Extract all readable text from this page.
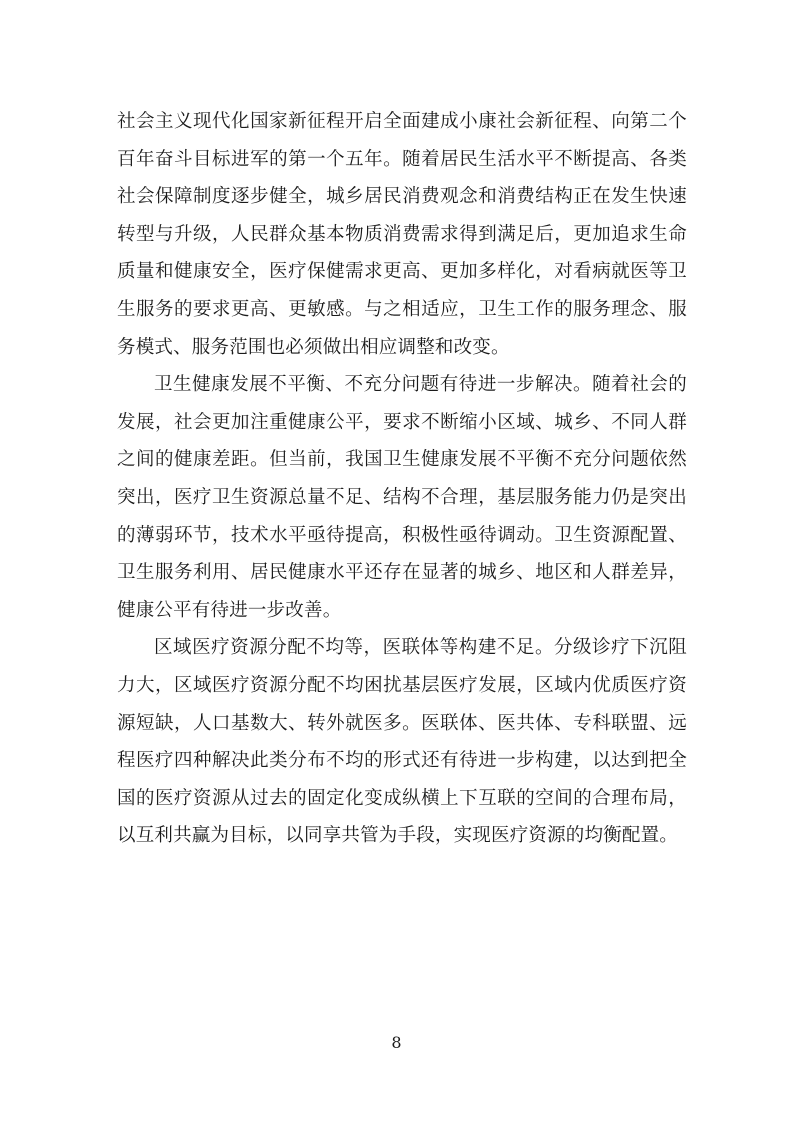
社会主义现代化国家新征程开启全面建成小康社会新征程、向第二个
百年奋斗目标进军的第一个五年。随着居民生活水平不断提高、各类
社会保障制度逐步健全，城乡居民消费观念和消费结构正在发生快速
转型与升级，人民群众基本物质消费需求得到满足后，更加追求生命
质量和健康安全，医疗保健需求更高、更加多样化，对看病就医等卫
生服务的要求更高、更敏感。与之相适应，卫生工作的服务理念、服
务模式、服务范围也必须做出相应调整和改变。
卫生健康发展不平衡、不充分问题有待进一步解决。随着社会的
发展，社会更加注重健康公平，要求不断缩小区域、城乡、不同人群
之间的健康差距。但当前，我国卫生健康发展不平衡不充分问题依然
突出，医疗卫生资源总量不足、结构不合理，基层服务能力仍是突出
的薄弱环节，技术水平亟待提高，积极性亟待调动。卫生资源配置、
卫生服务利用、居民健康水平还存在显著的城乡、地区和人群差异，
健康公平有待进一步改善。
区域医疗资源分配不均等，医联体等构建不足。分级诊疗下沉阻
力大，区域医疗资源分配不均困扰基层医疗发展，区域内优质医疗资
源短缺，人口基数大、转外就医多。医联体、医共体、专科联盟、远
程医疗四种解决此类分布不均的形式还有待进一步构建，以达到把全
国的医疗资源从过去的固定化变成纵横上下互联的空间的合理布局，
以互利共赢为目标，以同享共管为手段，实现医疗资源的均衡配置。
8
